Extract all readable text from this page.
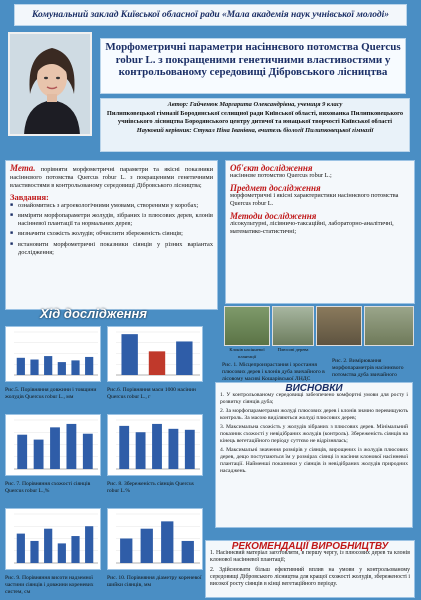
Комунальний заклад Київської обласної ради «Мала академія наук учнівської молоді»
Морфометричні параметри насіннєвого потомства Quercus robur L. з покращеними генетичними властивостями у контрольованому середовищі Дібровського лісництва
Автор: Гайченюк Маргарита Олександрівна, учениця 9 класу
Пилипковецької гімназії Бородянської селищної ради Київської області, вихованка Пилипковецького учнівського лісництва Бородянського центру дитячої та юнацької творчості Київської області
Науковий керівник: Стукал Ніна Іванівна, вчитель біології Пилипковецької гімназії
Мета. порівняти морфометричні параметри та якісні показники насіннєвого потомства Quercus robur L. з покращеними генетичними властивостями в контрольованому середовищі Дібровського лісництва;
Завдання:
■ ознайомитись з агроекологічними умовами, створеними у коробах;
■ виміряти морфопараметри жолудів, зібраних із плюсових дерев, клонів насінневої плантації та нормальних дерев;
■ визначити схожість жолудів; обчислити збереженість сіянців;
■ встановити морфометричні показники сіянців у різних варіантах дослідження;
Об'єкт дослідження
насіннєве потомство Quercus robur L.;
Предмет дослідження
морфометричні і якісні характеристики насіннєвого потомства Quercus robur L.
Методи дослідження
лісокультурні, лісівничо-таксаційні, лабораторно-аналітичні, математико-статистичні;
Хід дослідження
Рис.5. Порівняння довжини і товщини жолудів Quercus robur L., мм
Рис.6. Порівняння маси 1000 насінин Quercus robur L., г
Рис. 7. Порівняння схожості сіянців Quercus robur L.,%
Рис. 8. Збереженість сіянців Quercus robur L.%
Рис. 9. Порівняння висоти надземної частини сіянців і довжини кореневих систем, см
Рис. 10. Порівняння діаметру кореневої шийки сіянців, мм
Клонів насінневої плантації
Плюсові дерева
Рис. 1. Місцепроизрастания і зростання плюсових дерев і клонів дуба звичайного в лісовому масиві Кошарівської ЛНДС
Рис. 2. Вимірювання морфопараметрів насіннєвого потомства дуба звичайного
ВИСНОВКИ
1. У контрольованому середовищі забезпечено комфортні умови для росту і розвитку сіянців дуба;
2. За морфопараметрами жолуді плюсових дерев і клонів значно перевищують контроль. За масою виділяються жолуді плюсових дерев;
3. Максимальна схожість у жолудів зібраних з плюсових дерев. Мінімальний показник схожості у невідібраних жолудів (контроль). Збереженість сіянців на кінець вегетаційного періоду суттєво не відрізнялась;
4. Максимальні значення розмірів у сіянців, вирощених із жолудів плюсових дерев, дещо поступаються їм у розмірах сіянці із насіння клонової насінневої плантації. Найменші показники у сіянців із невідібраних жолудів природних насаджень.
РЕКОМЕНДАЦІЇ ВИРОБНИЦТВУ
1. Насіннєвий матеріал заготовляти, в першу чергу, із плюсових дерев та клонів клонової насінневої плантації;
2. Здійснювати більш ефективний вплив на умови у контрольованому середовищі Дібровського лісництва для кращої схожості жолудів, збереженості і високої росту сіянців в кінці вегетаційного періоду.
